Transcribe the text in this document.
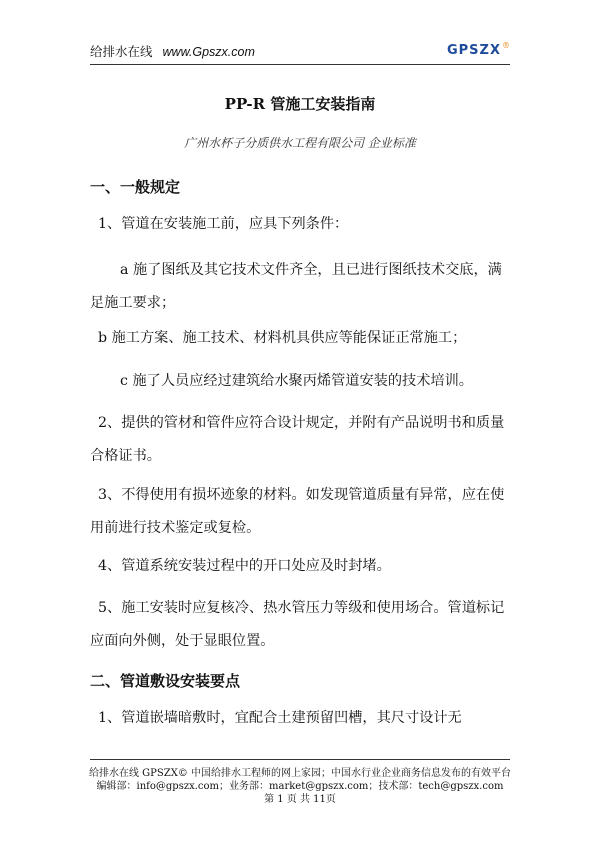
给排水在线 www.Gpszx.com	GPSZX ®
PP-R 管施工安装指南
广州水杯子分质供水工程有限公司 企业标准
一、一般规定
1、管道在安装施工前，应具下列条件：
a 施了图纸及其它技术文件齐全，且已进行图纸技术交底，满足施工要求；
b 施工方案、施工技术、材料机具供应等能保证正常施工；
c 施了人员应经过建筑给水聚丙烯管道安装的技术培训。
2、提供的管材和管件应符合设计规定，并附有产品说明书和质量合格证书。
3、不得使用有损坏迹象的材料。如发现管道质量有异常，应在使用前进行技术鉴定或复检。
4、管道系统安装过程中的开口处应及时封堵。
5、施工安装时应复核冷、热水管压力等级和使用场合。管道标记应面向外侧，处于显眼位置。
二、管道敷设安装要点
1、管道嵌墙暗敷时，宜配合土建预留凹槽，其尺寸设计无
给排水在线 GPSZX© 中国给排水工程师的网上家园；中国水行业企业商务信息发布的有效平台
编辑部：info@gpszx.com；业务部：market@gpszx.com；技术部：tech@gpszx.com
第 1 页 共 11页
